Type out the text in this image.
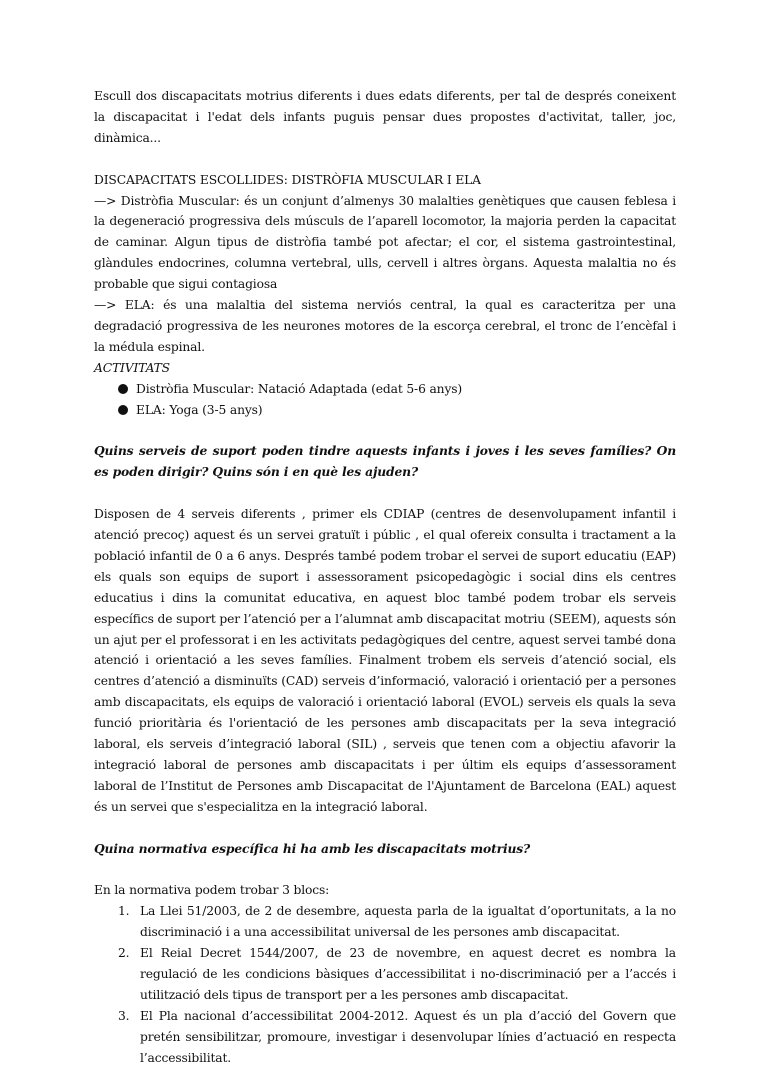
Escull dos discapacitats motrius diferents i dues edats diferents, per tal de després coneixent la discapacitat i l'edat dels infants puguis pensar dues propostes d'activitat, taller, joc, dinàmica...

DISCAPACITATS ESCOLLIDES: DISTRÒFIA MUSCULAR I ELA

—> Distròfia Muscular: és un conjunt d’almenys 30 malalties genètiques que causen feblesa i la degeneració progressiva dels músculs de l’aparell locomotor, la majoria perden la capacitat de caminar. Algun tipus de distròfia també pot afectar; el cor, el sistema gastrointestinal, glàndules endocrines, columna vertebral, ulls, cervell i altres òrgans. Aquesta malaltia no és probable que sigui contagiosa

—> ELA: és una malaltia del sistema nerviós central, la qual es caracteritza per una degradació progressiva de les neurones motores de la escorça cerebral, el tronc de l’encèfal i la médula espinal.

ACTIVITATS

Distròfia Muscular: Natació Adaptada (edat 5-6 anys)
ELA: Yoga (3-5 anys)

Quins serveis de suport poden tindre aquests infants i joves i les seves famílies? On es poden dirigir? Quins són i en què les ajuden?

Disposen de 4 serveis diferents , primer els CDIAP (centres de desenvolupament infantil i atenció precoç) aquest és un servei gratuït i públic , el qual ofereix consulta i tractament a la població infantil de 0 a 6 anys. Després també podem trobar el servei de suport educatiu (EAP) els quals son equips de suport i assessorament psicopedagògic i social dins els centres educatius i dins la comunitat educativa, en aquest bloc també podem trobar els serveis específics de suport per l’atenció per a l’alumnat amb discapacitat motriu (SEEM), aquests són un ajut per el professorat i en les activitats pedagògiques del centre, aquest servei també dona atenció i orientació a les seves famílies. Finalment trobem els serveis d’atenció social, els centres d’atenció a disminuïts (CAD) serveis d’informació, valoració i orientació per a persones amb discapacitats, els equips de valoració i orientació laboral (EVOL) serveis els quals la seva funció prioritària és l'orientació de les persones amb discapacitats per la seva integració laboral, els serveis d’integració laboral (SIL) , serveis que tenen com a objectiu afavorir la integració laboral de persones amb discapacitats i per últim els equips d’assessorament laboral de l’Institut de Persones amb Discapacitat de l'Ajuntament de Barcelona (EAL) aquest és un servei que s'especialitza en la integració laboral.

Quina normativa específica hi ha amb les discapacitats motrius?

En la normativa podem trobar 3 blocs:

1. La Llei 51/2003, de 2 de desembre, aquesta parla de la igualtat d’oportunitats, a la no discriminació i a una accessibilitat universal de les persones amb discapacitat.
2. El Reial Decret 1544/2007, de 23 de novembre, en aquest decret es nombra la regulació de les condicions bàsiques d’accessibilitat i no-discriminació per a l’accés i utilització dels tipus de transport per a les persones amb discapacitat.
3. El Pla nacional d’accessibilitat 2004-2012. Aquest és un pla d’acció del Govern que pretén sensibilitzar, promoure, investigar i desenvolupar línies d’actuació en respecta l’accessibilitat.
